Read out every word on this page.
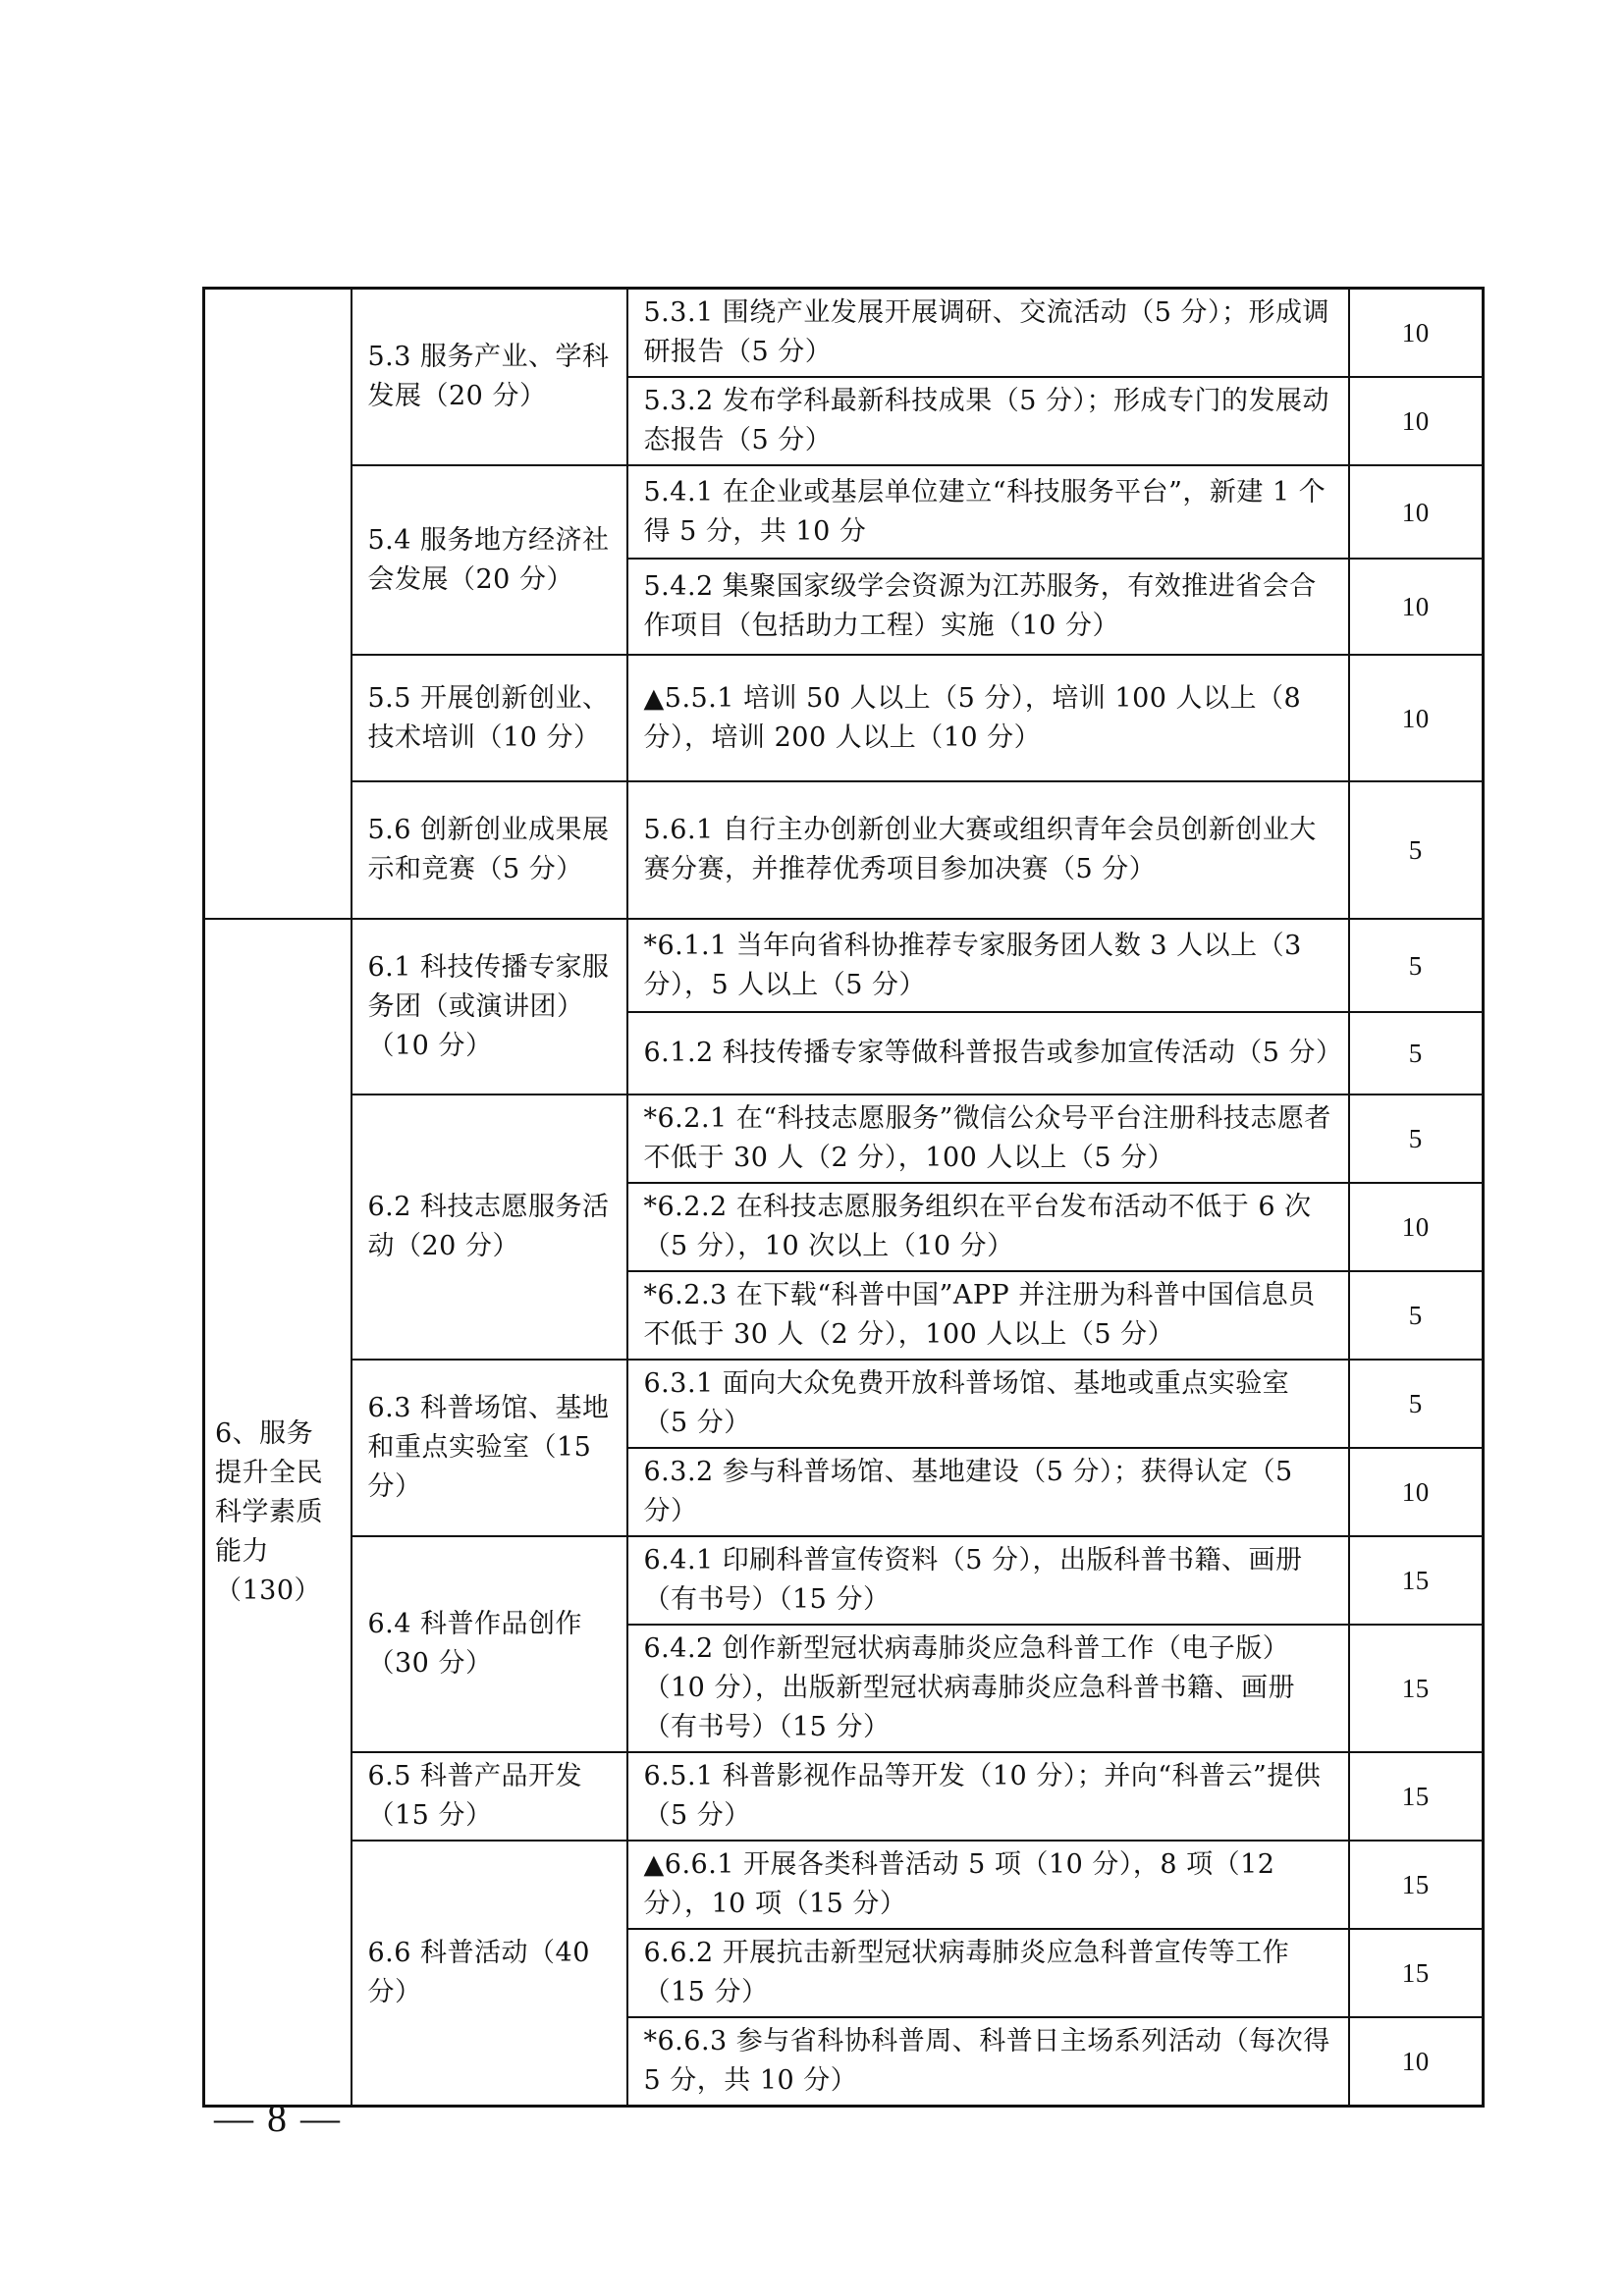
	5.3 服务产业、学科发展（20 分）	5.3.1 围绕产业发展开展调研、交流活动（5 分）；形成调研报告（5 分）	10
		5.3.2 发布学科最新科技成果（5 分）；形成专门的发展动态报告（5 分）	10
	5.4 服务地方经济社会发展（20 分）	5.4.1 在企业或基层单位建立“科技服务平台”，新建 1 个得 5 分，共 10 分	10
		5.4.2 集聚国家级学会资源为江苏服务，有效推进省会合作项目（包括助力工程）实施（10 分）	10
	5.5 开展创新创业、技术培训（10 分）	▲5.5.1 培训 50 人以上（5 分），培训 100 人以上（8 分），培训 200 人以上（10 分）	10
	5.6 创新创业成果展示和竞赛（5 分）	5.6.1 自行主办创新创业大赛或组织青年会员创新创业大赛分赛，并推荐优秀项目参加决赛（5 分）	5
6、服务提升全民科学素质能力（130）	6.1 科技传播专家服务团（或演讲团）（10 分）	*6.1.1 当年向省科协推荐专家服务团人数 3 人以上（3 分），5 人以上（5 分）	5
		6.1.2 科技传播专家等做科普报告或参加宣传活动（5 分）	5
	6.2 科技志愿服务活动（20 分）	*6.2.1 在“科技志愿服务”微信公众号平台注册科技志愿者不低于 30 人（2 分），100 人以上（5 分）	5
		*6.2.2 在科技志愿服务组织在平台发布活动不低于 6 次（5 分），10 次以上（10 分）	10
		*6.2.3 在下载“科普中国”APP 并注册为科普中国信息员不低于 30 人（2 分），100 人以上（5 分）	5
	6.3 科普场馆、基地和重点实验室（15 分）	6.3.1 面向大众免费开放科普场馆、基地或重点实验室（5 分）	5
		6.3.2 参与科普场馆、基地建设（5 分）；获得认定（5 分）	10
	6.4 科普作品创作（30 分）	6.4.1 印刷科普宣传资料（5 分），出版科普书籍、画册（有书号）（15 分）	15
		6.4.2 创作新型冠状病毒肺炎应急科普工作（电子版）（10 分），出版新型冠状病毒肺炎应急科普书籍、画册（有书号）（15 分）	15
	6.5 科普产品开发（15 分）	6.5.1 科普影视作品等开发（10 分）；并向“科普云”提供（5 分）	15
	6.6 科普活动（40 分）	▲6.6.1 开展各类科普活动 5 项（10 分），8 项（12 分），10 项（15 分）	15
		6.6.2 开展抗击新型冠状病毒肺炎应急科普宣传等工作（15 分）	15
		*6.6.3 参与省科协科普周、科普日主场系列活动（每次得 5 分，共 10 分）	10
— 8 —
